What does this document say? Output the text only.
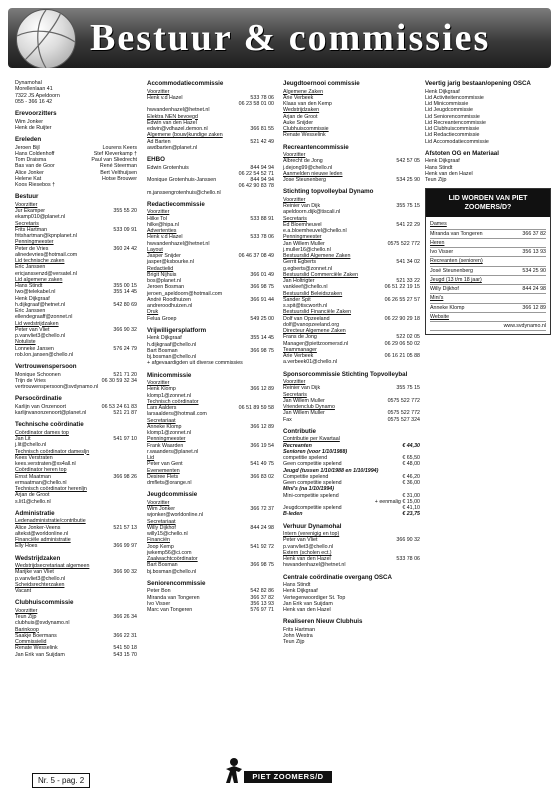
Bestuur & commissies
Dynamohal
Morellenlaan 41
7322 JS Apeldoorn
055 - 366 16 42
Erevoorzitters
Wim Jonker
Henk de Ruijter
Ereleden
Jeroen Bijl	Lourens Keers
Hans Coldenhoff	Stef Kleverkamp †
Tom Draisma	Paul van Sliedrecht
Bas van de Goor	René Steerman
Alice Jonker	Bert Velthuijsen
Helene Kat	Hotse Brouwer
Koos Riesebos †
Bestuur
Voorzitter
Jur Ekamper	355 55 20
ekamp010@planet.nl
Secretaris
Frits Hartman	533 09 91
fritshartman@kpnplanet.nl
Penningmeester
Peter de Vries	360 24 42
alinedevries@hotmail.com
Lid technische zaken
Eric Janssen
ericjanssenzd@versatel.nl
Lid algemene zaken
Hans Stindt	355 00 15
Iwo@telekabel.nl	355 14 45
Henk Dijkgraaf
h.dijkgraaf@hetnet.nl	542 80 69
Eric Janssen
ellendegraaff@zonnet.nl
Lid wedstrijdzaken
Peter van Vliet	366 90 32
p.vanvliet3@chello.nl
Notuliste
Lonneke Jansen	576 24 79
rob.lon.jansen@chello.nl
Vertrouwenspersoon
Monique Schoonen	521 71 20
Trijn de Vries	06 30 59 32 34
vertrouwenspersoon@svdynamo.nl
Persocördinatie
Karlijn van Onzenoort	06 53 24 61 83
karlijnvanonzenoort@planet.nl	521 21 87
Technische coördinatie
Coördinator dames top
Jan Lit	541 97 10
j.lit@chello.nl
Technisch coördinator damesljn
Kees Verstraten
kees.verstraten@xs4all.nl
Coördinator heren top
Ernst Maatman	366 98 26
ermaatman@chello.nl
Technisch coördinator herenljn
Arjan de Groot
s.lit1@chello.nl
Administratie
Ledenadministratie/contributie
Alice Jonker-Veens	521 57 13
altekst@worldonline.nl
Financiële administratie
Elly Hoes	366 99 97
Wedstrijdzaken
Wedstrijdsecretariaat algemeen
Marijke van Vliet	366 90 32
p.vanvliet3@chello.nl
Scheidsrechterzaken
Vacant
Clubhuiscommissie
Voorzitter
Teun Zijp	366 26 34
clubhuis@svdynamo.nl
Barinkoop
Saakje Boermans	366 22 31
Commissielid
Renate Wesselink	541 50 18
Jan Erik van Suijdam	543 15 70
Accommodatiecommissie
Voorzitter
Henk v.d Hazel	533 78 06
06 23 58 01 00
hwvandenhazel@hetnet.nl
Elektra NEN bevoegd
Edwin van den Hazel
edwin@vdhazel.demon.nl	366 81 55
Algemene (bouw)kundige zaken
Ad Barten	521 42 49
awdbarten@planet.nl
EHBO
Edwin Grotenhuis	844 94 94
06 22 54 52 71
Monique Grotenhuis-Janssen	844 94 94
06 42 90 83 78
m.janssengrotenhuis@chello.nl
Redactiecommissie
Voorzitter
Hilke Tol	533 88 91
hilke@hipa.nl
Advertenties
Henk v.d Hazel	533 78 06
hwvandenhazel@hetnet.nl
Layout
Jasper Snijder	06 46 37 08 49
jasper@ksbourke.nl
Redactielid
Brigit Nijhuis	366 01 49
bos@planet.nl
Jeroen Bosman	366 98 75
jeroen_apeldoorn@hotmail.com
André Roodhuizen	366 91 44
andreroodhuizen.nl
Druk
Felua Groep	549 25 00
Vrijwilligersplatform
Henk Dijkgraaf	355 14 45
h.dijkgraaf@chello.nl
Bart Bosman	366 98 75
bj.bosman@chello.nl
+ afgevaardigden uit diverse commissies
Minicommissie
Voorzitter
Henk Klomp	366 12 89
klomp1@zonnet.nl
Technisch coördinator
Lars Aalders	06 51 89 59 58
larsaalders@hotmail.com
Secretariaat
Anneke Klomp	366 12 89
klomp1@zonnet.nl
Penningmeester
Frank Waarden	366 19 54
r.waanders@planet.nl
Lid
Peter van Gent	541 49 75
Evenementen
Desiree Flets	366 83 02
dmflets@orange.nl
Jeugdcommissie
Voorzitter
Wim Jonker	366 72 37
wjonker@worldonline.nl
Secretariaat
Willy Dijkhof	844 24 98
willy15@chello.nl
Financiën
Joop Kemp	541 92 72
jwkemp56@ci.com
Zaalwachtcoördinator
Bart Bosman	366 98 75
bj.bosman@chello.nl
Seniorencommissie
Peter Bon	542 82 86
Miranda van Tongeren	366 37 82
Ivo Visser	356 13 93
Marc van Tongeren	576 97 71
Jeugdtoernooi commissie
Algemene Zaken
Arie Verbeek
Klaas van den Kemp
Wedstrijdzaken
Arjan de Groot
Auke Snijder
Clubhuiscommissie
Renate Wesselink
Recreantencommissie
Voorzitter
Albrecht de Jong	542 57 05
j.dejong99@chello.nl
Aanmelden nieuwe leden
Jose Steunenberg	534 25 90
Stichting topvolleybal Dynamo
Voorzitter
Reinier van Dijk	355 75 15
apeldoorn.dijk@tiscali.nl
Secretaris
Ed Bloemheuvel	541 22 29
e.a.bloemheuvel@chello.nl
Penningmeester
Jan Willem Muller	0575 522 772
j.muller16@chello.nl
Bestuurslid Algemene Zaken
Gerrit Egberts	541 34 02
g.egberts@zonnet.nl
Bestuurslid Commerciële Zaken
Jan Holtrigter	521 33 22
vankleef@chello.nl	06 51 22 19 15
Bestuurslid Beleidszaken
Sander Spit	06 26 55 27 57
s.spit@tiscworth.nl
Bestuurslid Financiële Zaken
Dolf van Opzeeland	06 22 90 29 18
dolf@vanopzeeland.org
Directeur Algemene Zaken
Frans de Jong	522 02 05
Manager@piettzoomersd.nl	06 29 06 50 02
Teammanager
Arie Verbeek	06 16 21 05 88
a.verbeek01@chello.nl
Sponsorcommissie Stichting Topvolleybal
Voorzitter
Reinier van Dijk	355 75 15
Secretaris
Jan Willem Muller	0575 522 772
Vriendenclub Dynamo
Jan Willem Muller	0575 522 772
Fax	0575 527 324
Contributie
Contributie per Kwartaal
Recreanten	€ 44,30
Senioren (voor 1/10/1988)
competitie spelend	€ 65,50
Geen competitie spelend	€ 48,00
Jeugd (tussen 1/10/1988 en 1/10/1994)
Competitie spelend	€ 46,20
Geen competitie spelend	€ 36,00
Mini's (na 1/10/1994)
Mini-competitie spelend	€ 31,00
+ eenmalig € 15,00
Jeugdcompetitie spelend	€ 41,10
B-leden	€ 23,75
Verhuur Dynamohal
Intern (verenigig en top)
Peter van Vliet	366 90 32
p.vanvliet3@chello.nl
Extern (scholen ect.)
Henk van den Hazel	533 78 06
hwvandenhazel@hetnet.nl
Centrale coördinatie overgang OSCA
Hans Stindt
Henk Dijkgraaf
Vertegenwoordiger St. Top
Jan Erik van Suijdam
Henk van den Hazel
Realiseren Nieuw Clubhuis
Frits Hartman
John Westra
Teun Zijp
Veertig jarig bestaan/opening OSCA
Henk Dijkgraaf
Lid Activiteitencommissie
Lid Minicommissie
Lid Jeugdcommissie
Lid Seniorencommissie
Lid Recreantencommissie
Lid Clubhuiscommissie
Lid Redactiecommissie
Lid Accomodatiecommissie
Afstoten OG en Materiaal
Henk Dijkgraaf
Hans Stindt
Henk van den Hazel
Teun Zijp
LID WORDEN VAN PIET ZOOMERS/D?
Dames
Miranda van Tongeren	366 37 82
Heren
Ivo Visser	356 13 93
Recreanten (senioren)
José Steunenberg	534 25 90
Jeugd (13 t/m 18 jaar)
Willy Dijkhof	844 24 98
Mini's
Anneke Klomp	366 12 89
Website
www.svdynamo.nl
Nr. 5 - pag. 2	PIET ZOOMERS/D
